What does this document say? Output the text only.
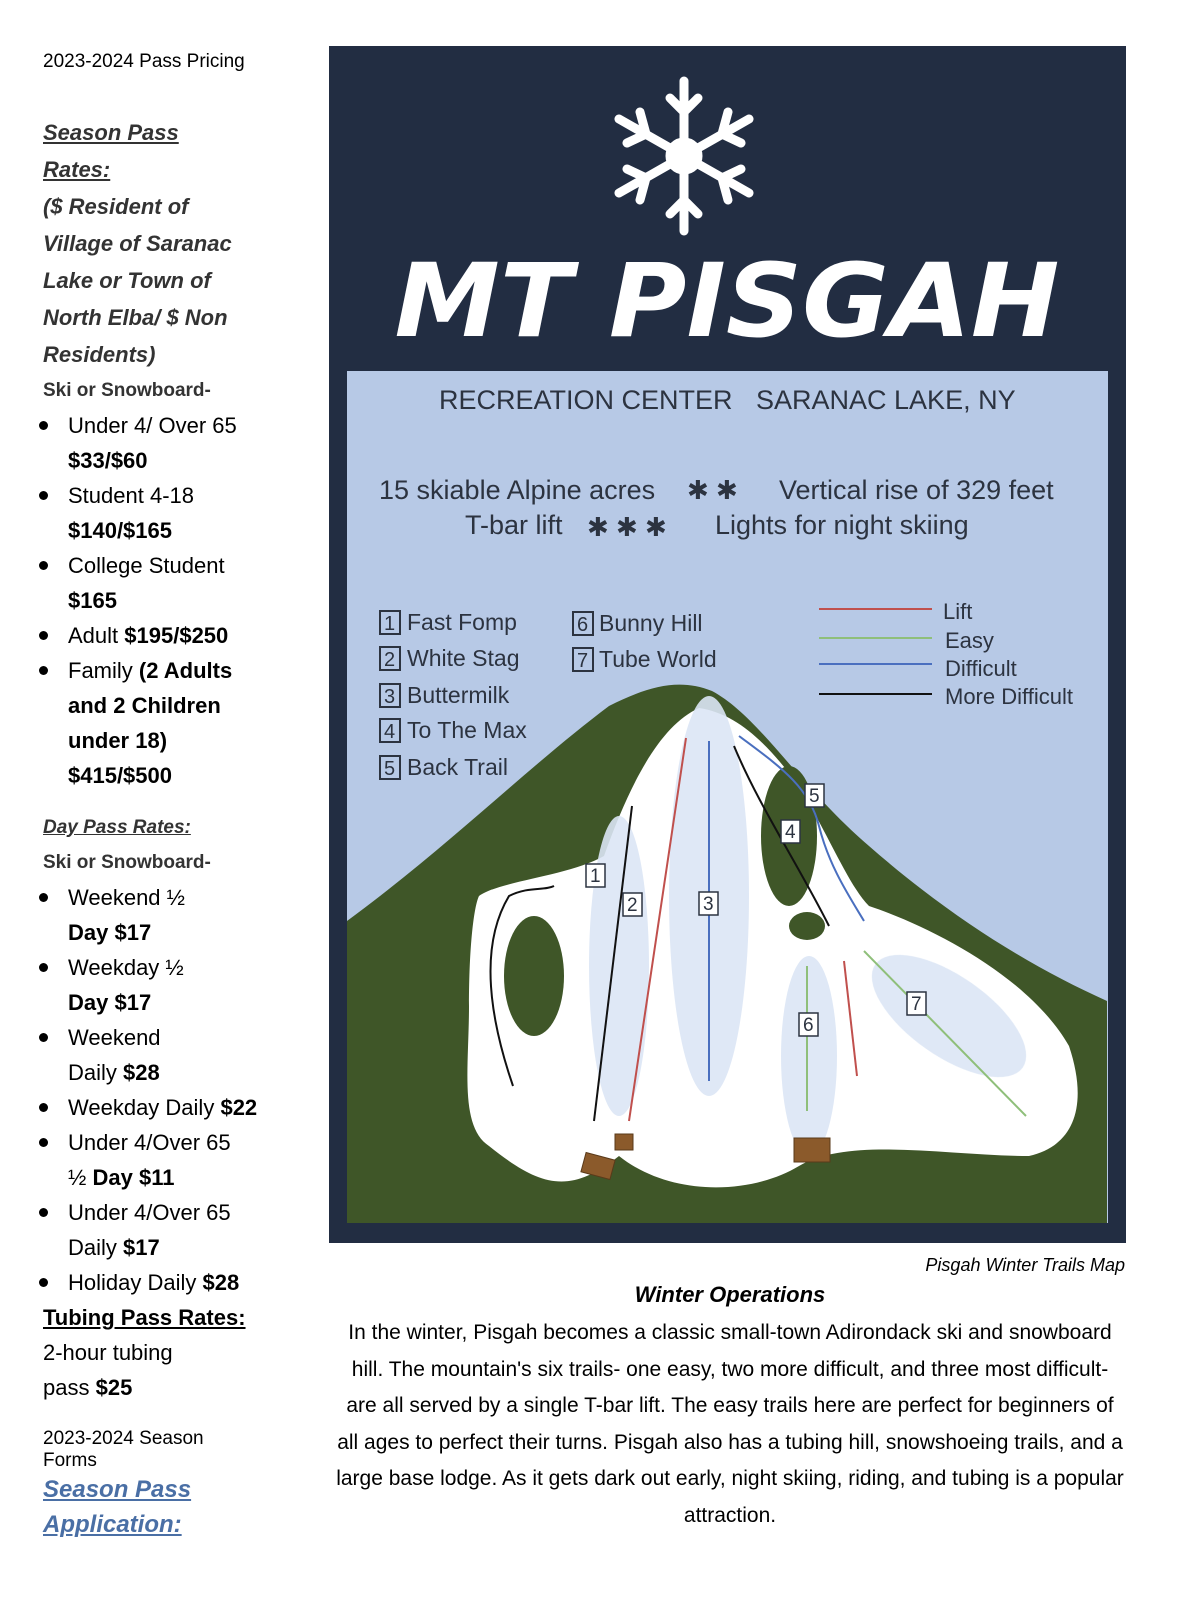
2023-2024 Pass Pricing
Season Pass Rates:
($ Resident of Village of Saranac Lake or Town of North Elba/ $ Non Residents)
Ski or Snowboard-
Under 4/ Over 65 $33/$60
Student 4-18 $140/$165
College Student $165
Adult $195/$250
Family (2 Adults and 2 Children under 18) $415/$500
Day Pass Rates:
Ski or Snowboard-
Weekend ½ Day $17
Weekday ½ Day $17
Weekend Daily $28
Weekday Daily $22
Under 4/Over 65 ½ Day $11
Under 4/Over 65 Daily $17
Holiday Daily $28
Tubing Pass Rates:
2-hour tubing pass $25
2023-2024 Season Forms
Season Pass Application:
MT PISGAH
RECREATION CENTER SARANAC LAKE, NY
15 skiable Alpine acres ✱ ✱ Vertical rise of 329 feet
T-bar lift ✱ ✱ ✱ Lights for night skiing
1 Fast Fomp
2 White Stag
3 Buttermilk
4 To The Max
5 Back Trail
6 Bunny Hill
7 Tube World
Lift
Easy
Difficult
More Difficult
1
2	3
4
5
6
7
Pisgah Winter Trails Map
Winter Operations
In the winter, Pisgah becomes a classic small-town Adirondack ski and snowboard hill. The mountain's six trails- one easy, two more difficult, and three most difficult- are all served by a single T-bar lift. The easy trails here are perfect for beginners of all ages to perfect their turns. Pisgah also has a tubing hill, snowshoeing trails, and a large base lodge. As it gets dark out early, night skiing, riding, and tubing is a popular attraction.
